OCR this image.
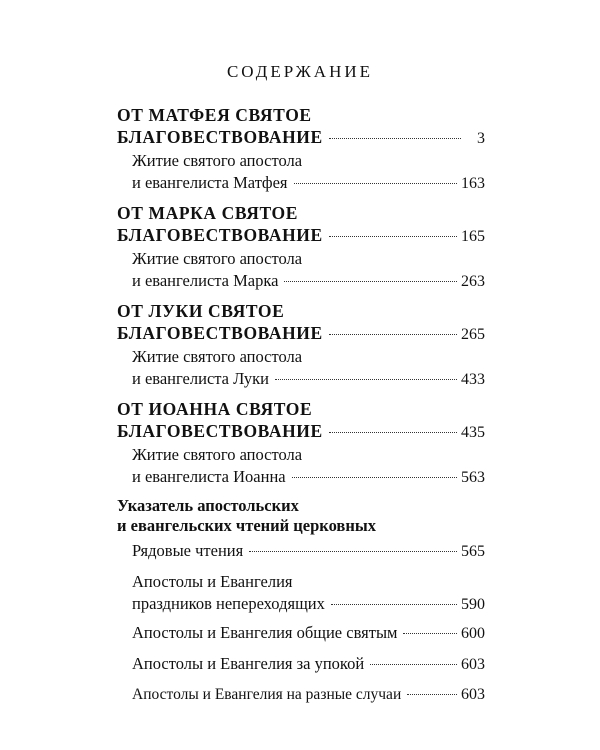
СОДЕРЖАНИЕ
ОТ МАТФЕЯ СВЯТОЕ
БЛАГОВЕСТВОВАНИЕ	3
Житие святого апостола
и евангелиста Матфея	163
ОТ МАРКА СВЯТОЕ
БЛАГОВЕСТВОВАНИЕ	165
Житие святого апостола
и евангелиста Марка	263
ОТ ЛУКИ СВЯТОЕ
БЛАГОВЕСТВОВАНИЕ	265
Житие святого апостола
и евангелиста Луки	433
ОТ ИОАННА СВЯТОЕ
БЛАГОВЕСТВОВАНИЕ	435
Житие святого апостола
и евангелиста Иоанна	563
Указатель апостольских
и евангельских чтений церковных
Рядовые чтения	565
Апостолы и Евангелия
праздников непереходящих	590
Апостолы и Евангелия общие святым	600
Апостолы и Евангелия за упокой	603
Апостолы и Евангелия на разные случаи	603
